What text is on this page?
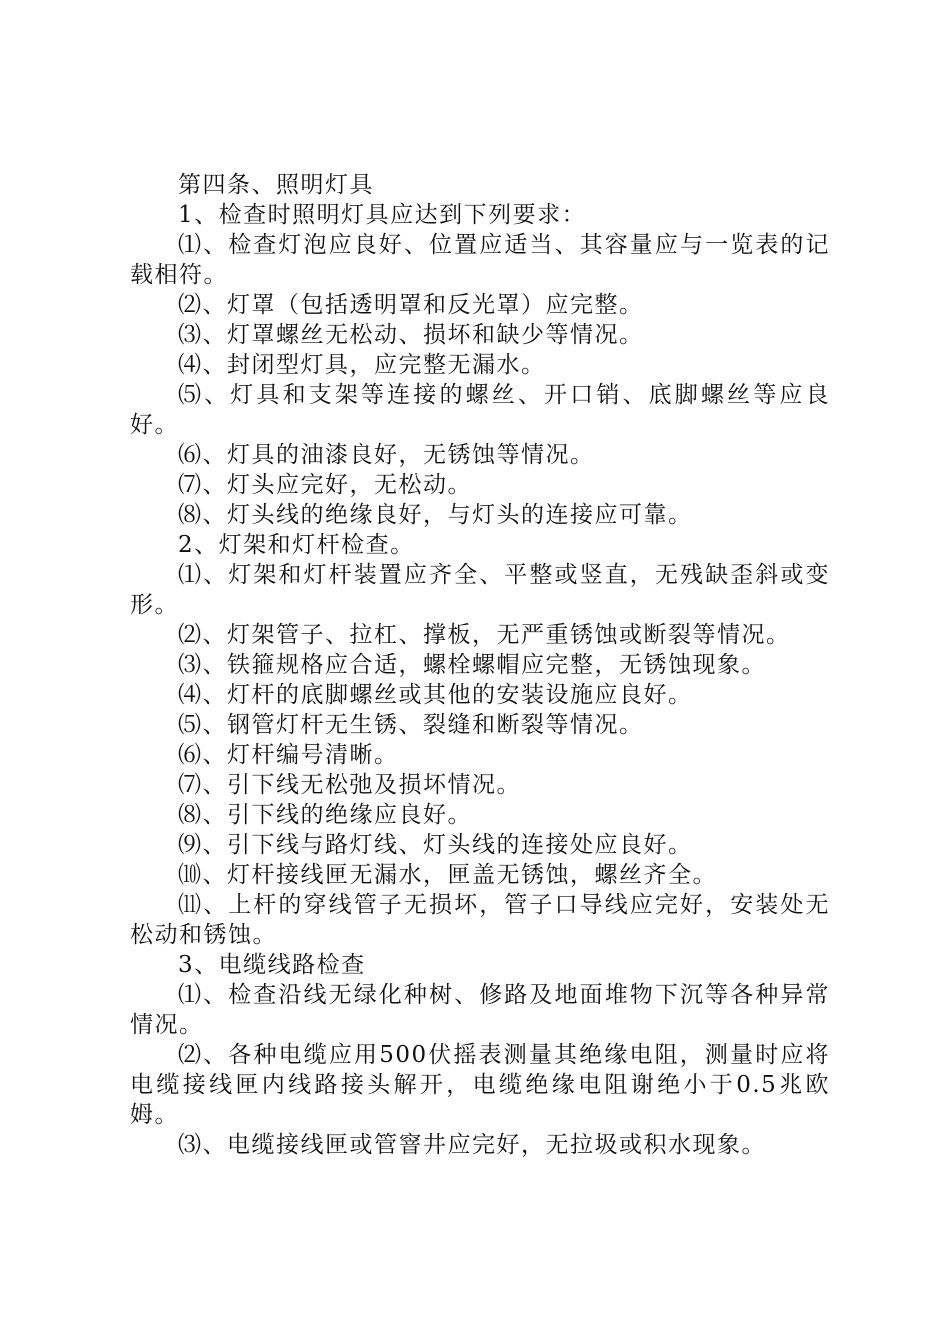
第四条、照明灯具

1、检查时照明灯具应达到下列要求：

⑴、检查灯泡应良好、位置应适当、其容量应与一览表的记载相符。

⑵、灯罩（包括透明罩和反光罩）应完整。

⑶、灯罩螺丝无松动、损坏和缺少等情况。

⑷、封闭型灯具，应完整无漏水。

⑸、灯具和支架等连接的螺丝、开口销、底脚螺丝等应良好。

⑹、灯具的油漆良好，无锈蚀等情况。

⑺、灯头应完好，无松动。

⑻、灯头线的绝缘良好，与灯头的连接应可靠。

2、灯架和灯杆检查。

⑴、灯架和灯杆装置应齐全、平整或竖直，无残缺歪斜或变形。

⑵、灯架管子、拉杠、撑板，无严重锈蚀或断裂等情况。

⑶、铁箍规格应合适，螺栓螺帽应完整，无锈蚀现象。

⑷、灯杆的底脚螺丝或其他的安装设施应良好。

⑸、钢管灯杆无生锈、裂缝和断裂等情况。

⑹、灯杆编号清晰。

⑺、引下线无松弛及损坏情况。

⑻、引下线的绝缘应良好。

⑼、引下线与路灯线、灯头线的连接处应良好。

⑽、灯杆接线匣无漏水，匣盖无锈蚀，螺丝齐全。

⑾、上杆的穿线管子无损坏，管子口导线应完好，安装处无松动和锈蚀。

3、电缆线路检查

⑴、检查沿线无绿化种树、修路及地面堆物下沉等各种异常情况。

⑵、各种电缆应用500伏摇表测量其绝缘电阻，测量时应将电缆接线匣内线路接头解开，电缆绝缘电阻谢绝小于0.5兆欧姆。

⑶、电缆接线匣或管窨井应完好，无拉圾或积水现象。
